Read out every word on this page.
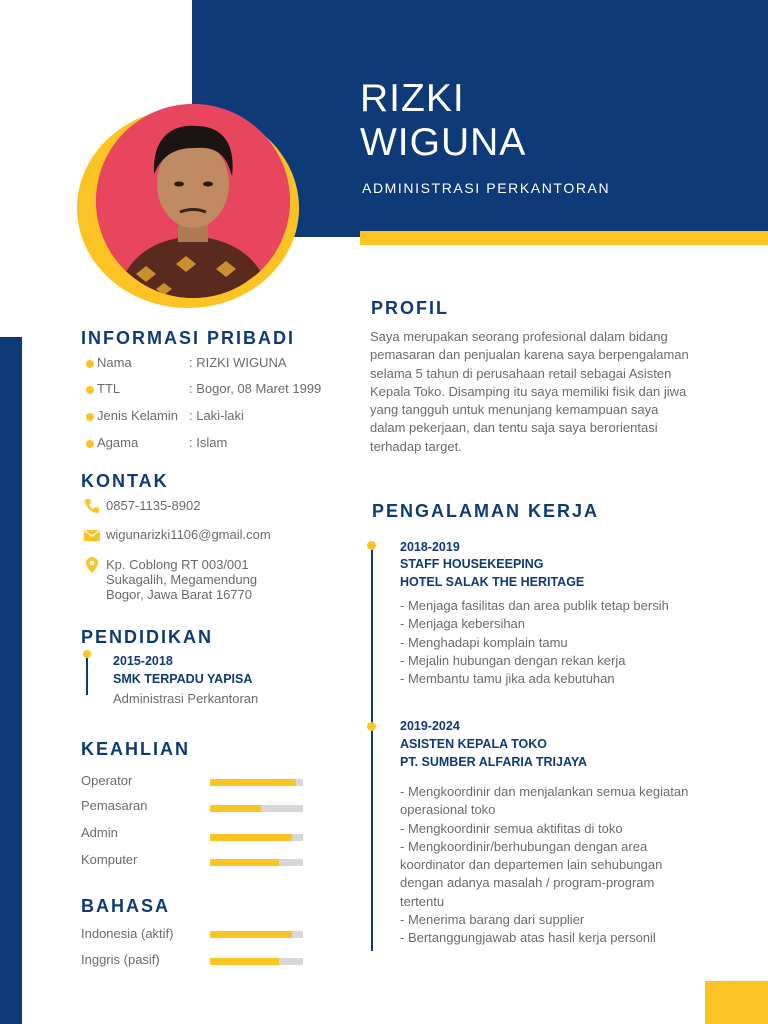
RIZKI
WIGUNA
ADMINISTRASI PERKANTORAN
INFORMASI PRIBADI
Nama	: RIZKI WIGUNA
TTL	: Bogor, 08 Maret 1999
Jenis Kelamin : Laki-laki
Agama	: Islam
KONTAK
0857-1135-8902
wigunarizki1106@gmail.com
Kp. Coblong RT 003/001
Sukagalih, Megamendung
Bogor, Jawa Barat 16770
PENDIDIKAN
2015-2018
SMK TERPADU YAPISA
Administrasi Perkantoran
KEAHLIAN
Operator
Pemasaran
Admin
Komputer
BAHASA
Indonesia (aktif)
Inggris (pasif)
PROFIL
Saya merupakan seorang profesional dalam bidang pemasaran dan penjualan karena saya berpengalaman selama 5 tahun di perusahaan retail sebagai Asisten Kepala Toko. Disamping itu saya memiliki fisik dan jiwa yang tangguh untuk menunjang kemampuan saya dalam pekerjaan, dan tentu saja saya berorientasi terhadap target.
PENGALAMAN KERJA
2018-2019
STAFF HOUSEKEEPING
HOTEL SALAK THE HERITAGE
- Menjaga fasilitas dan area publik tetap bersih
- Menjaga kebersihan
- Menghadapi komplain tamu
- Mejalin hubungan dengan rekan kerja
- Membantu tamu jika ada kebutuhan
2019-2024
ASISTEN KEPALA TOKO
PT. SUMBER ALFARIA TRIJAYA
- Mengkoordinir dan menjalankan semua kegiatan operasional toko
- Mengkoordinir semua aktifitas di toko
- Mengkoordinir/berhubungan dengan area koordinator dan departemen lain sehubungan dengan adanya masalah / program-program tertentu
- Menerima barang dari supplier
- Bertanggungjawab atas hasil kerja personil
